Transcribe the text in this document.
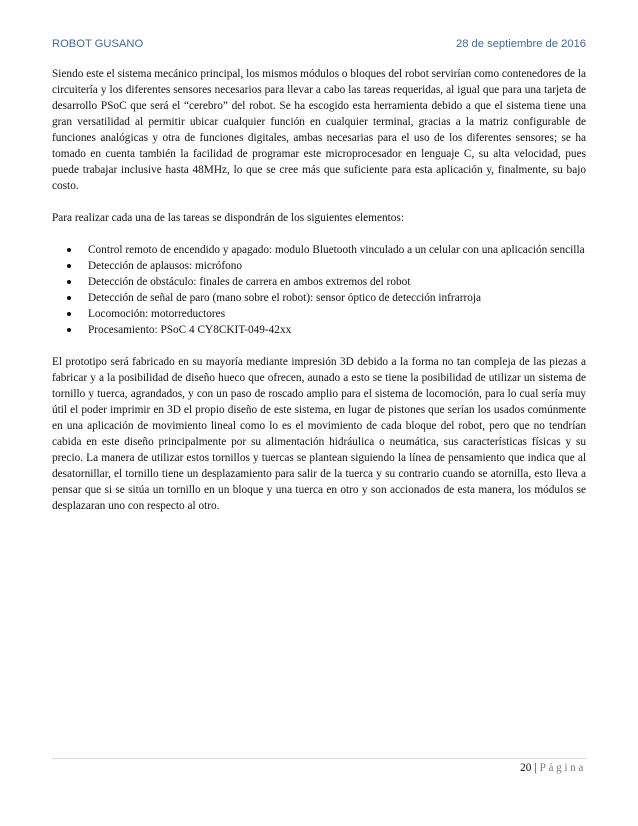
ROBOT GUSANO	28 de septiembre de 2016

Siendo este el sistema mecánico principal, los mismos módulos o bloques del robot servirían como contenedores de la circuitería y los diferentes sensores necesarios para llevar a cabo las tareas requeridas, al igual que para una tarjeta de desarrollo PSoC que será el “cerebro” del robot. Se ha escogido esta herramienta debido a que el sistema tiene una gran versatilidad al permitir ubicar cualquier función en cualquier terminal, gracias a la matriz configurable de funciones analógicas y otra de funciones digitales, ambas necesarias para el uso de los diferentes sensores; se ha tomado en cuenta también la facilidad de programar este microprocesador en lenguaje C, su alta velocidad, pues puede trabajar inclusive hasta 48MHz, lo que se cree más que suficiente para esta aplicación y, finalmente, su bajo costo.

Para realizar cada una de las tareas se dispondrán de los siguientes elementos:

Control remoto de encendido y apagado: modulo Bluetooth vinculado a un celular con una aplicación sencilla
Detección de aplausos: micrófono
Detección de obstáculo: finales de carrera en ambos extremos del robot
Detección de señal de paro (mano sobre el robot): sensor óptico de detección infrarroja
Locomoción: motorreductores
Procesamiento: PSoC 4 CY8CKIT-049-42xx

El prototipo será fabricado en su mayoría mediante impresión 3D debido a la forma no tan compleja de las piezas a fabricar y a la posibilidad de diseño hueco que ofrecen, aunado a esto se tiene la posibilidad de utilizar un sistema de tornillo y tuerca, agrandados, y con un paso de roscado amplio para el sistema de locomoción, para lo cual sería muy útil el poder imprimir en 3D el propio diseño de este sistema, en lugar de pistones que serían los usados comúnmente en una aplicación de movimiento lineal como lo es el movimiento de cada bloque del robot, pero que no tendrían cabida en este diseño principalmente por su alimentación hidráulica o neumática, sus características físicas y su precio. La manera de utilizar estos tornillos y tuercas se plantean siguiendo la línea de pensamiento que indica que al desatornillar, el tornillo tiene un desplazamiento para salir de la tuerca y su contrario cuando se atornilla, esto lleva a pensar que si se sitúa un tornillo en un bloque y una tuerca en otro y son accionados de esta manera, los módulos se desplazaran uno con respecto al otro.

20 | Página
